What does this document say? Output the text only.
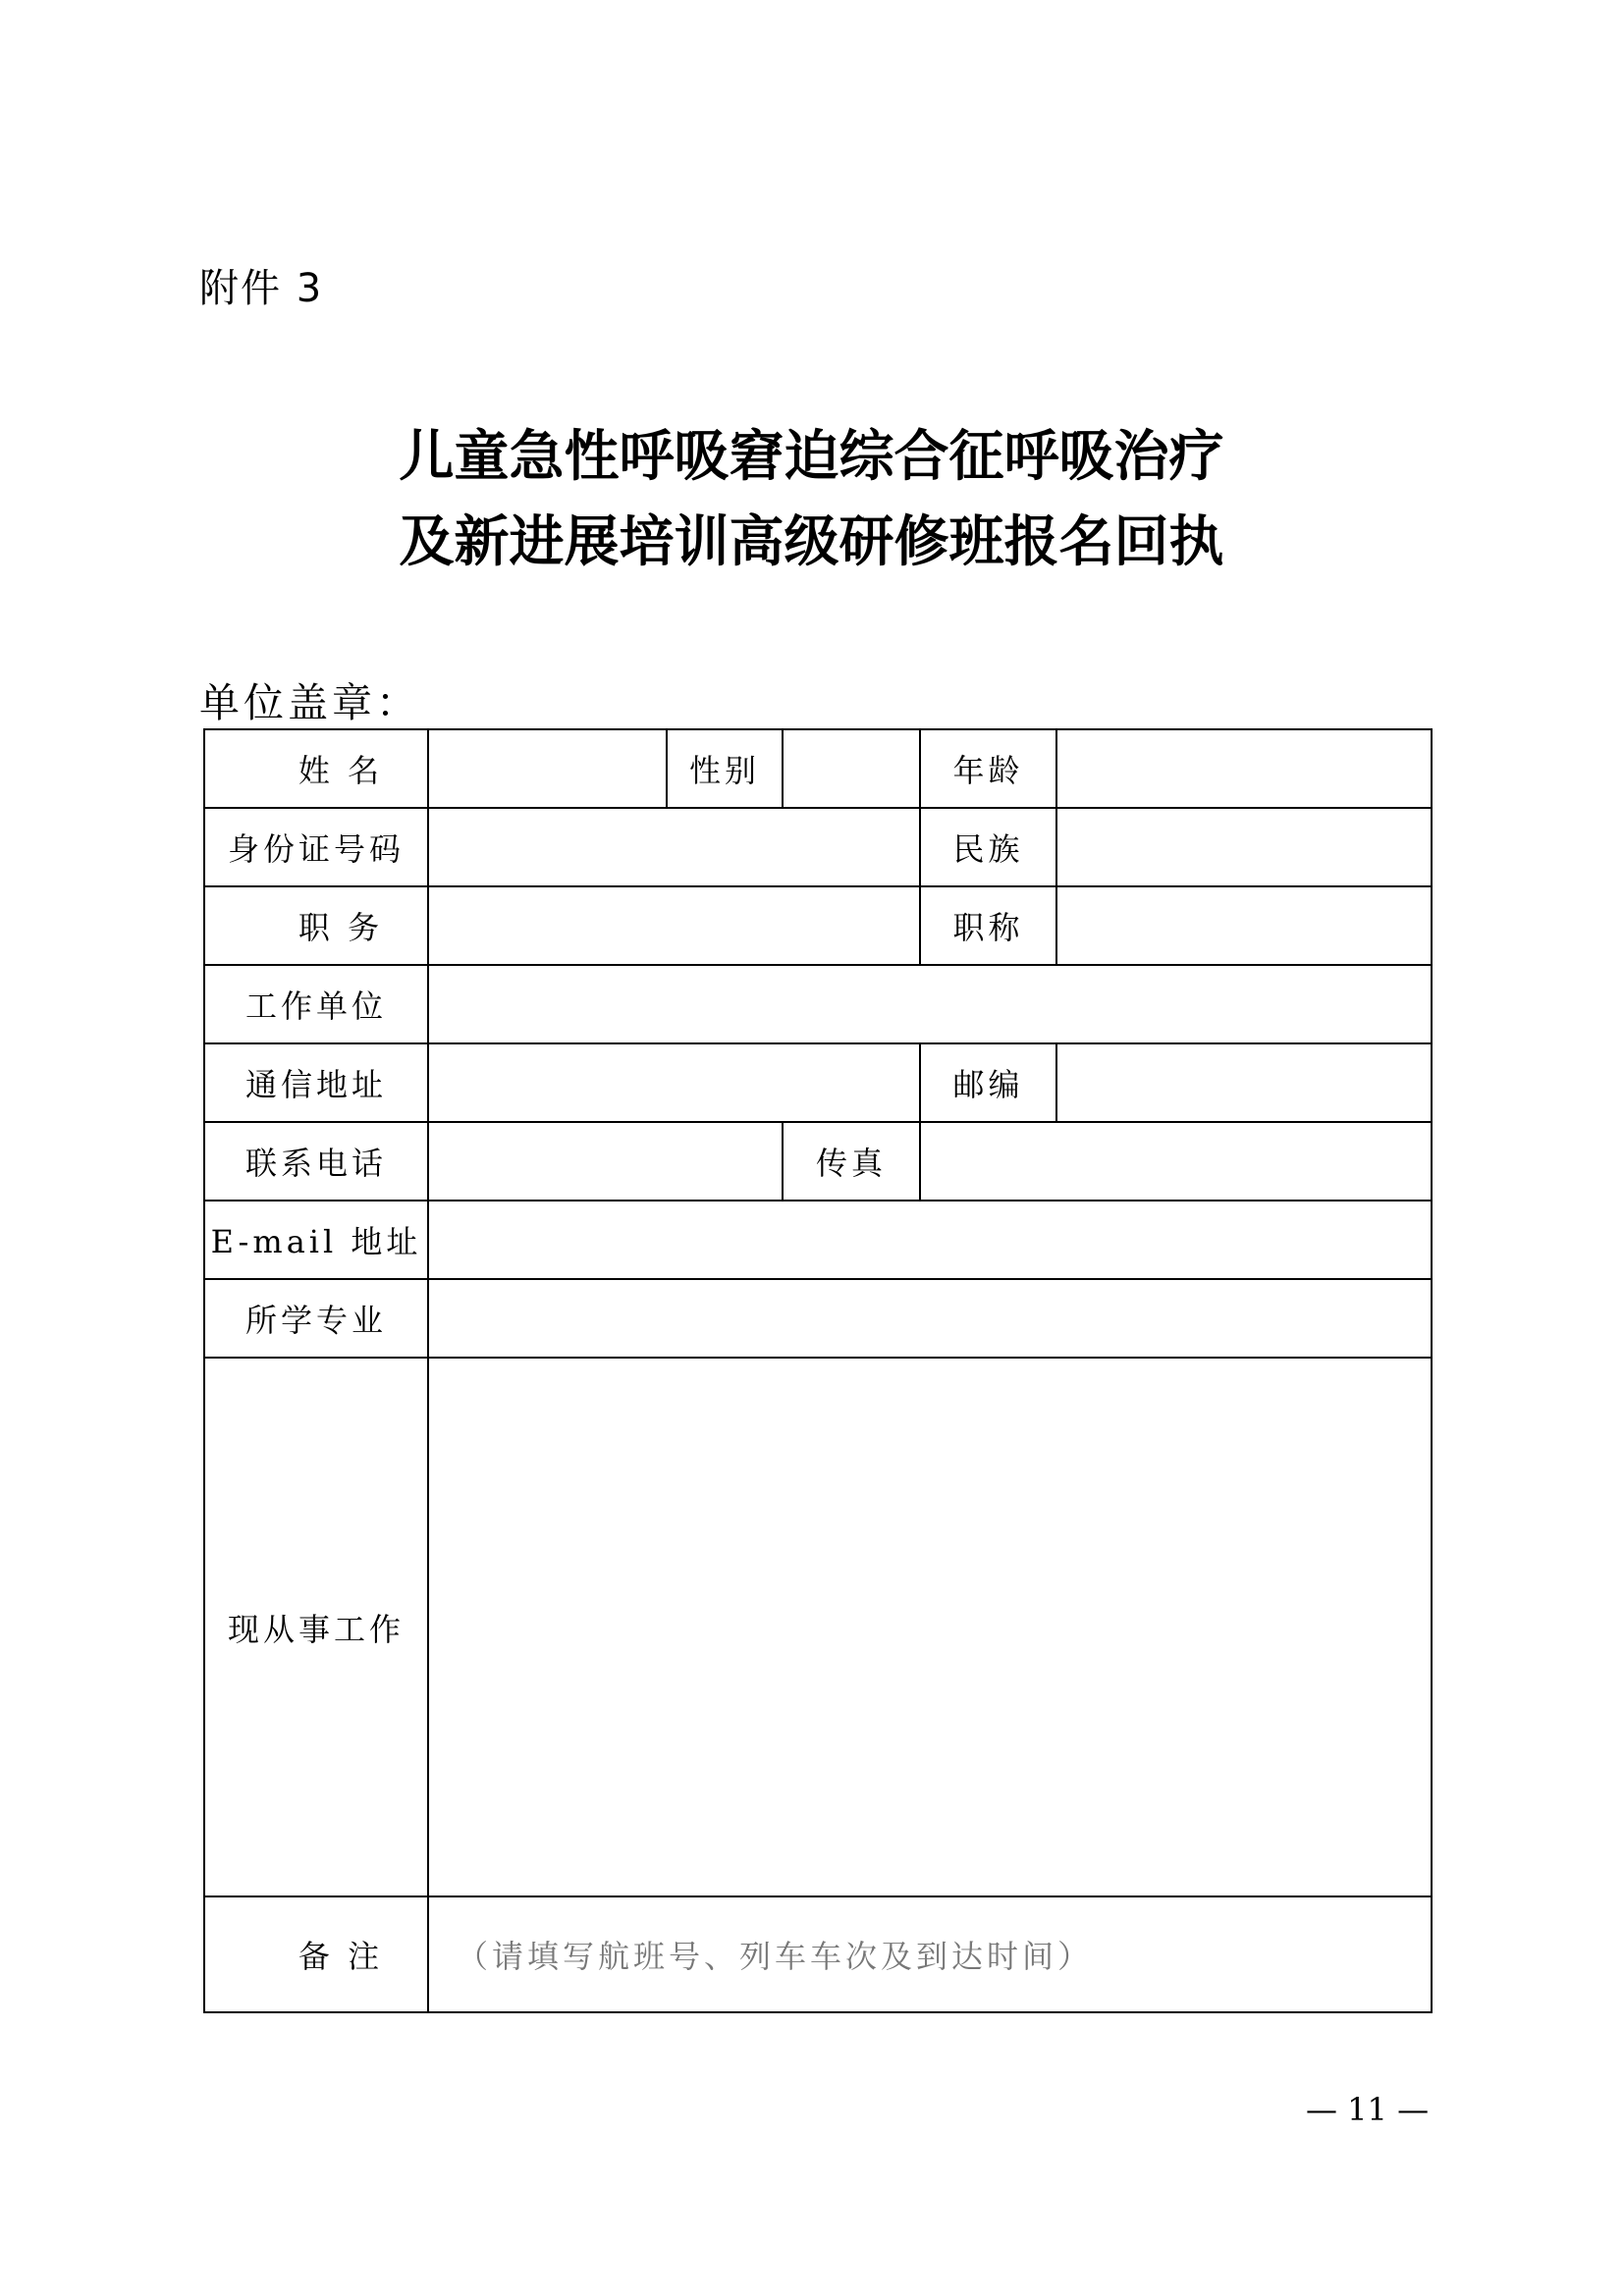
附件 3
儿童急性呼吸窘迫综合征呼吸治疗
及新进展培训高级研修班报名回执
单位盖章：
姓 名		性别		年龄	
身份证号码				民族	
职 务				职称	
工作单位					
通信地址				邮编	
联系电话			传真		
E-mail 地址					
所学专业					
现从事工作					
备 注	（请填写航班号、列车车次及到达时间）				
— 11 —
